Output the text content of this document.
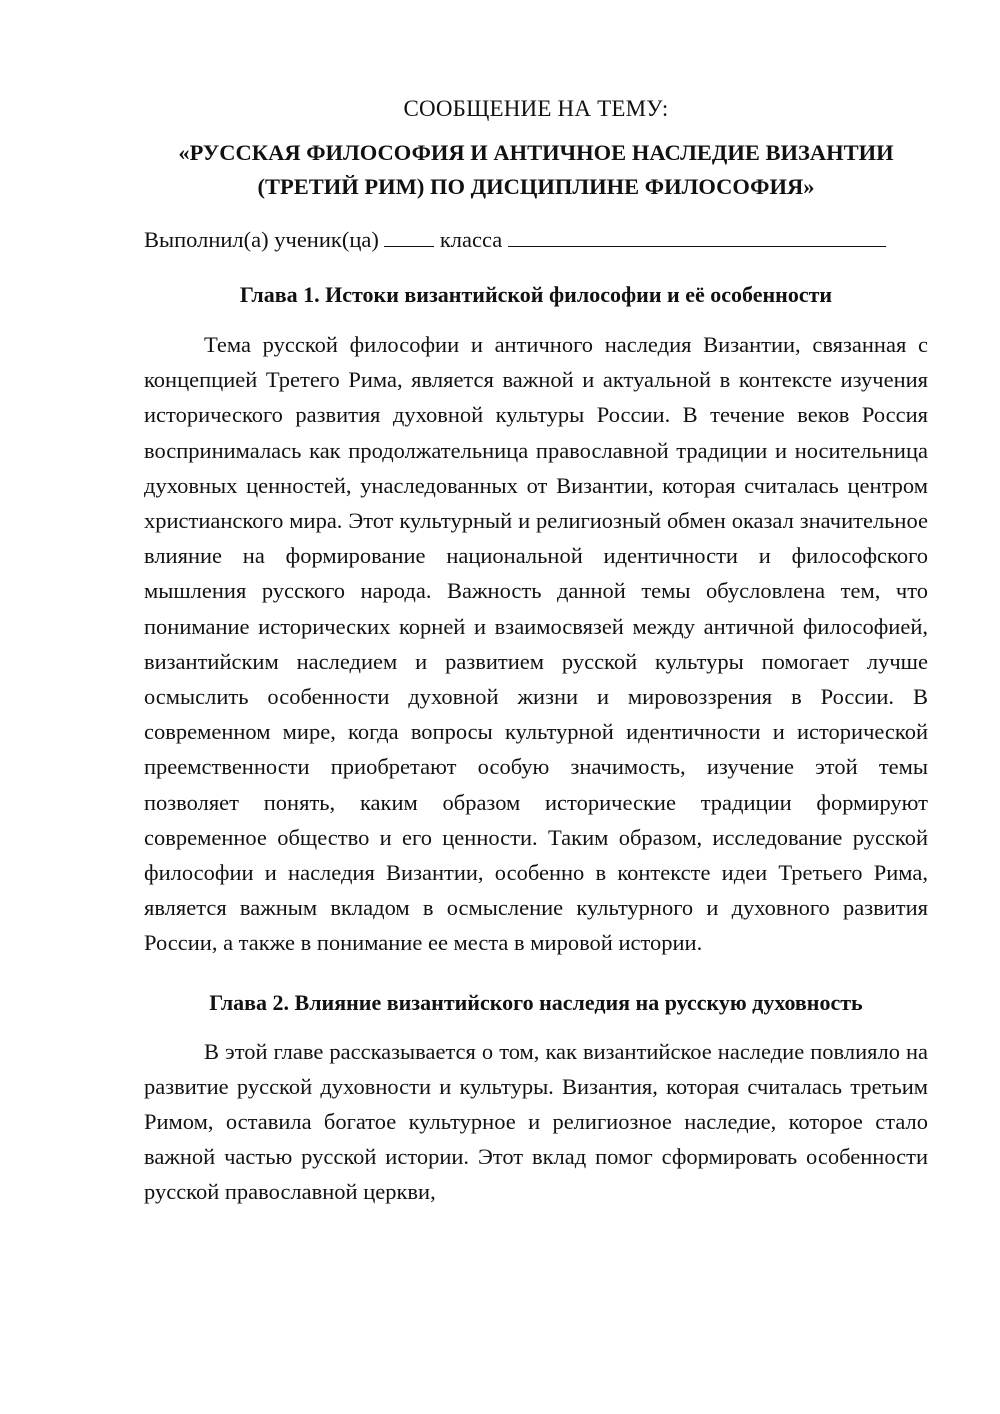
СООБЩЕНИЕ НА ТЕМУ:
«РУССКАЯ ФИЛОСОФИЯ И АНТИЧНОЕ НАСЛЕДИЕ ВИЗАНТИИ (ТРЕТИЙ РИМ) ПО ДИСЦИПЛИНЕ ФИЛОСОФИЯ»
Выполнил(а) ученик(ца)	класса
Глава 1. Истоки византийской философии и её особенности

Тема русской философии и античного наследия Византии, связанная с концепцией Третего Рима, является важной и актуальной в контексте изучения исторического развития духовной культуры России. В течение веков Россия воспринималась как продолжательница православной традиции и носительница духовных ценностей, унаследованных от Византии, которая считалась центром христианского мира. Этот культурный и религиозный обмен оказал значительное влияние на формирование национальной идентичности и философского мышления русского народа. Важность данной темы обусловлена тем, что понимание исторических корней и взаимосвязей между античной философией, византийским наследием и развитием русской культуры помогает лучше осмыслить особенности духовной жизни и мировоззрения в России. В современном мире, когда вопросы культурной идентичности и исторической преемственности приобретают особую значимость, изучение этой темы позволяет понять, каким образом исторические традиции формируют современное общество и его ценности. Таким образом, исследование русской философии и наследия Византии, особенно в контексте идеи Третьего Рима, является важным вкладом в осмысление культурного и духовного развития России, а также в понимание ее места в мировой истории.

Глава 2. Влияние византийского наследия на русскую духовность

В этой главе рассказывается о том, как византийское наследие повлияло на развитие русской духовности и культуры. Византия, которая считалась третьим Римом, оставила богатое культурное и религиозное наследие, которое стало важной частью русской истории. Этот вклад помог сформировать особенности русской православной церкви,
